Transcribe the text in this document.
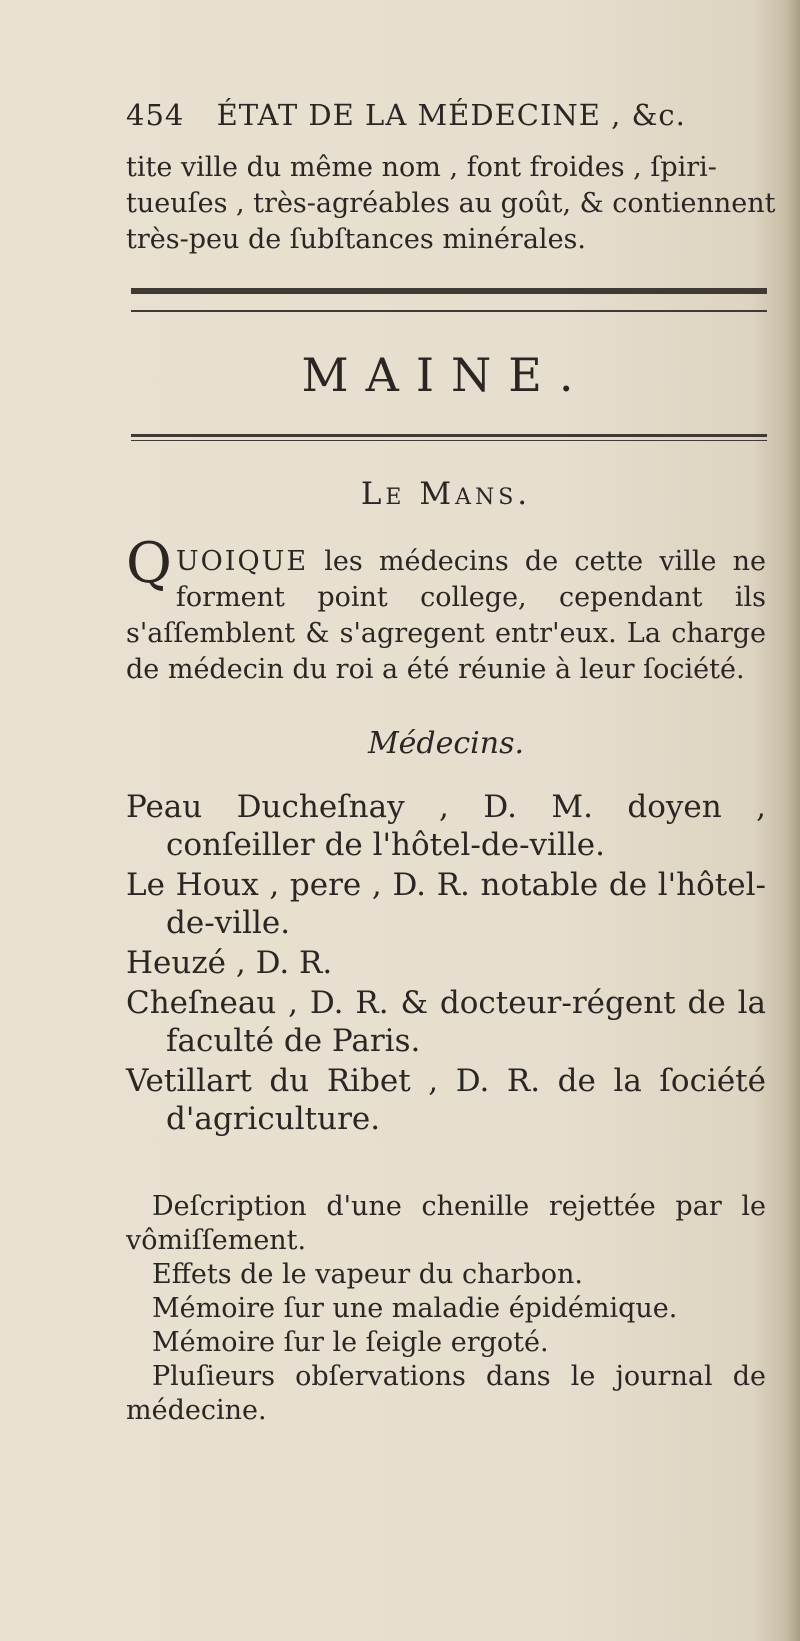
454 ÉTAT DE LA MÉDECINE , &c.
tite ville du même nom , font froides , ſpiri-
tueuſes , très-agréables au goût, & contiennent
très-peu de ſubſtances minérales.
MAINE.
Le Mans.
QUOIQUE les médecins de cette ville ne forment point college, cependant ils s'aſſemblent & s'agregent entr'eux. La charge de médecin du roi a été réunie à leur ſociété.
Médecins.
Peau Ducheſnay , D. M. doyen , conſeiller de l'hôtel-de-ville.
Le Houx , pere , D. R. notable de l'hôtel-de-ville.
Heuzé , D. R.
Cheſneau , D. R. & docteur-régent de la faculté de Paris.
Vetillart du Ribet , D. R. de la ſociété d'agriculture.

Deſcription d'une chenille rejettée par le vômiſſement.

Effets de le vapeur du charbon.

Mémoire ſur une maladie épidémique.

Mémoire ſur le ſeigle ergoté.

Pluſieurs obſervations dans le journal de médecine.
